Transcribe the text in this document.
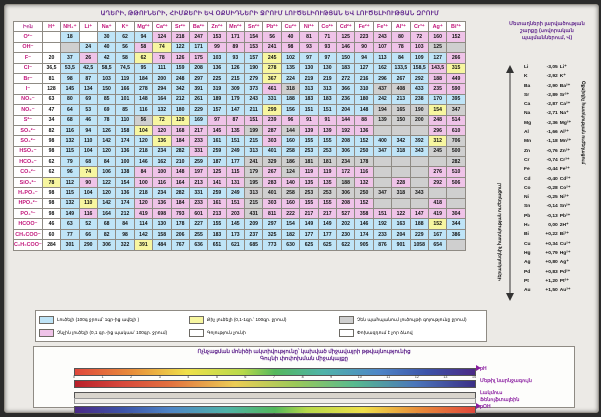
ԱՂԵՐԻ, ԹԹՈՒՆԵՐԻ, ՀԻՄՔԵՐԻ ԵՎ ՕՔՍԻԴՆԵՐԻ ՋՐՈՒՄ ԼՈՒԾԵԼԻՈՒԹՅԱՆ ԵՎ ԼՈՒԾԵԼԻՈՒԹՅԱՆ ԶՐՈՒՄ
Իոն	H⁺	NH₄⁺	Li⁺	Na⁺	K⁺	Mg²⁺	Ca²⁺	Sr²⁺	Ba²⁺	Zn²⁺	Mn²⁺	Sn²⁺	Pb²⁺	Cu²⁺	Ni²⁺	Co²⁺	Cd²⁺	Fe²⁺	Fe³⁺	Al³⁺	Cr³⁺	Ag⁺	Bi³⁺
O²⁻		18		30	62	94	124	218	247	153	171	154	56	40	81	71	125	223	243	80	72	160	152
OH⁻			24	40	56	58	74	122	171	99	89	153	241	98	93	93	146	90	107	78	103	125	
F⁻	20	37	26	42	58	62	78	126	175	103	93	157	245	102	97	97	150	94	113	84	109	127	266
Cl⁻	36,5	53,5	42,5	58,5	74,5	95	111	159	208	136	126	190	278	135	130	130	183	127	162	133,5	158,5	143,5	315
Br⁻	81	98	87	103	119	184	200	248	297	225	215	279	367	224	219	219	272	216	296	267	292	188	449
I⁻	128	145	134	150	166	278	294	342	391	319	309	373	461	318	313	313	366	310	437	408	433	235	590
NO₃⁻	63	80	69	85	101	148	164	212	261	189	179	243	331	188	183	183	236	180	242	213	238	170	395
NO₂⁻	47	64	53	69	85	116	132	180	229	157	147	211	299	156	151	151	204	148	194	165	190	154	347
S²⁻	34	68	46	78	110	56	72	120	169	97	87	151	239	96	91	91	144	88	139	150	200	248	514
SO₃²⁻	82	116	94	126	158	104	120	168	217	145	135	199	287	144	139	139	192	136				296	610
SO₄²⁻	98	132	110	142	174	120	136	184	233	161	151	215	303	160	155	155	208	152	400	342	392	312	706
HSO₄⁻	98	115	104	120	136	218	234	282	331	259	249	313	401	258	253	253	306	250	347	318	343	245	500
HCO₃⁻	62	79	68	84	100	146	162	210	259	187	177	241	329	186	181	181	234	178					282
CO₃²⁻	62	96	74	106	138	84	100	148	197	125	115	179	267	124	119	119	172	116				276	510
SiO₃²⁻	78	112	90	122	154	100	116	164	213	141	131	195	283	140	135	135	188	132		228		292	506
H₂PO₄⁻	98	115	104	120	136	218	234	282	331	259	249	313	401	258	253	253	306	250	347	318	343		
HPO₄²⁻	98	132	110	142	174	120	136	184	233	161	151	215	303	160	155	155	208	152				418	
PO₄³⁻	98	149	116	164	212	419	698	793	601	213	203	431	811	222	217	217	527	358	151	122	147	419	304
HCOO⁻	46	63	52	68	84	114	130	178	227	155	145	209	297	154	149	149	202	146	192	163	188	152	344
CH₃COO⁻	60	77	66	82	98	142	158	206	255	183	173	237	325	182	177	177	230	174	233	204	229	167	386
C₂H₅COO⁻	284	301	290	306	322	391	484	767	636	651	621	685	773	630	625	625	622	905	876	901	1058	654	
Լուծելի (100գ ջրում՝ 1գր-ից ավելի )
Չնչին լուծելի (0,1 գր.-ից պակաս՝ 100գր. ջրում)
Քիչ լուծելի (0,1-1գր.՝ 100գր. ջրում)
Գոյություն չունի
Չեն պահպանում լուծույթի գոյությունը ջրում)
Փոխազդում է չոր ձևով
Մետաղների լարվածության շարքը (սովորական պայմաններում, Վ)
Վերականգնիչ հատկության ուժեղացում
Օքսիդիչ հատկության ուժեղացում
Li	-3,05	Li⁺
K	-2,92	K⁺
Ba	-2,90	Ba²⁺
Sr	-2,89	Sr²⁺
Ca	-2,87	Ca²⁺
Na	-2,71	Na⁺
Mg	-2,36	Mg²⁺
Al	-1,66	Al³⁺
Mn	-1,18	Mn²⁺
Zn	-0,76	Zn²⁺
Cr	-0,74	Cr³⁺
Fe	-0,44	Fe²⁺
Cd	-0,40	Cd²⁺
Co	-0,28	Co²⁺
Ni	-0,25	Ni²⁺
Sn	-0,14	Sn²⁺
Pb	-0,13	Pb²⁺
H₂	0,00	2H⁺
Bi	+0,22	Bi³⁺
Cu	+0,34	Cu²⁺
Hg	+0,79	Hg²⁺
Ag	+0,80	Ag⁺
Pd	+0,83	Pd²⁺
Pt	+1,20	Pt²⁺
Au	+1,50	Au³⁺
Ոչնչացման մոնիծի ակտիվությունը՝ կախված միջավայրի թթվայնությունից
Գույնի փոփոխման միջակայքը
pH
Մեթիլ նարնջագույն
Լակմուս
Ֆենոլֆտալեին
pOH
0	1	2	3	4	5	6	7	8	9	10	11	12	13	14
14	13	12	11	10	9	8	7	6	5	4	3	2	1	0
